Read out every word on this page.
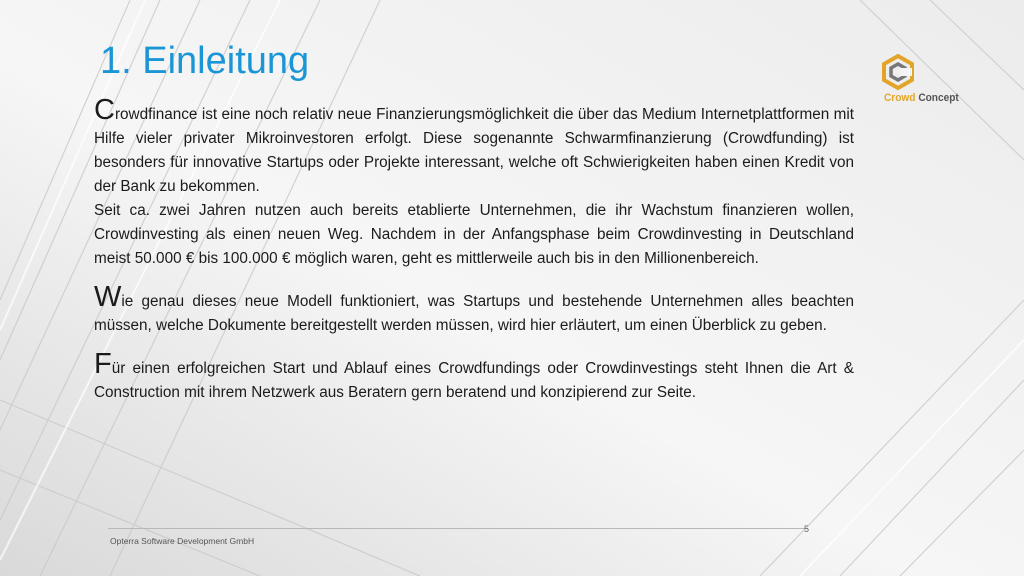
1. Einleitung
Crowd Concept

Crowdfinance ist eine noch relativ neue Finanzierungsmöglichkeit die über das Medium Internetplattformen mit Hilfe vieler privater Mikroinvestoren erfolgt. Diese sogenannte Schwarmfinanzierung (Crowdfunding) ist besonders für innovative Startups oder Projekte interessant, welche oft Schwierigkeiten haben einen Kredit von der Bank zu bekommen.

Seit ca. zwei Jahren nutzen auch bereits etablierte Unternehmen, die ihr Wachstum finanzieren wollen, Crowdinvesting als einen neuen Weg. Nachdem in der Anfangsphase beim Crowdinvesting in Deutschland meist 50.000 € bis 100.000 € möglich waren, geht es mittlerweile auch bis in den Millionenbereich.

Wie genau dieses neue Modell funktioniert, was Startups und bestehende Unternehmen alles beachten müssen, welche Dokumente bereitgestellt werden müssen, wird hier erläutert, um einen Überblick zu geben.

Für einen erfolgreichen Start und Ablauf eines Crowdfundings oder Crowdinvestings steht Ihnen die Art & Construction mit ihrem Netzwerk aus Beratern gern beratend und konzipierend zur Seite.

Opterra Software Development GmbH
5
